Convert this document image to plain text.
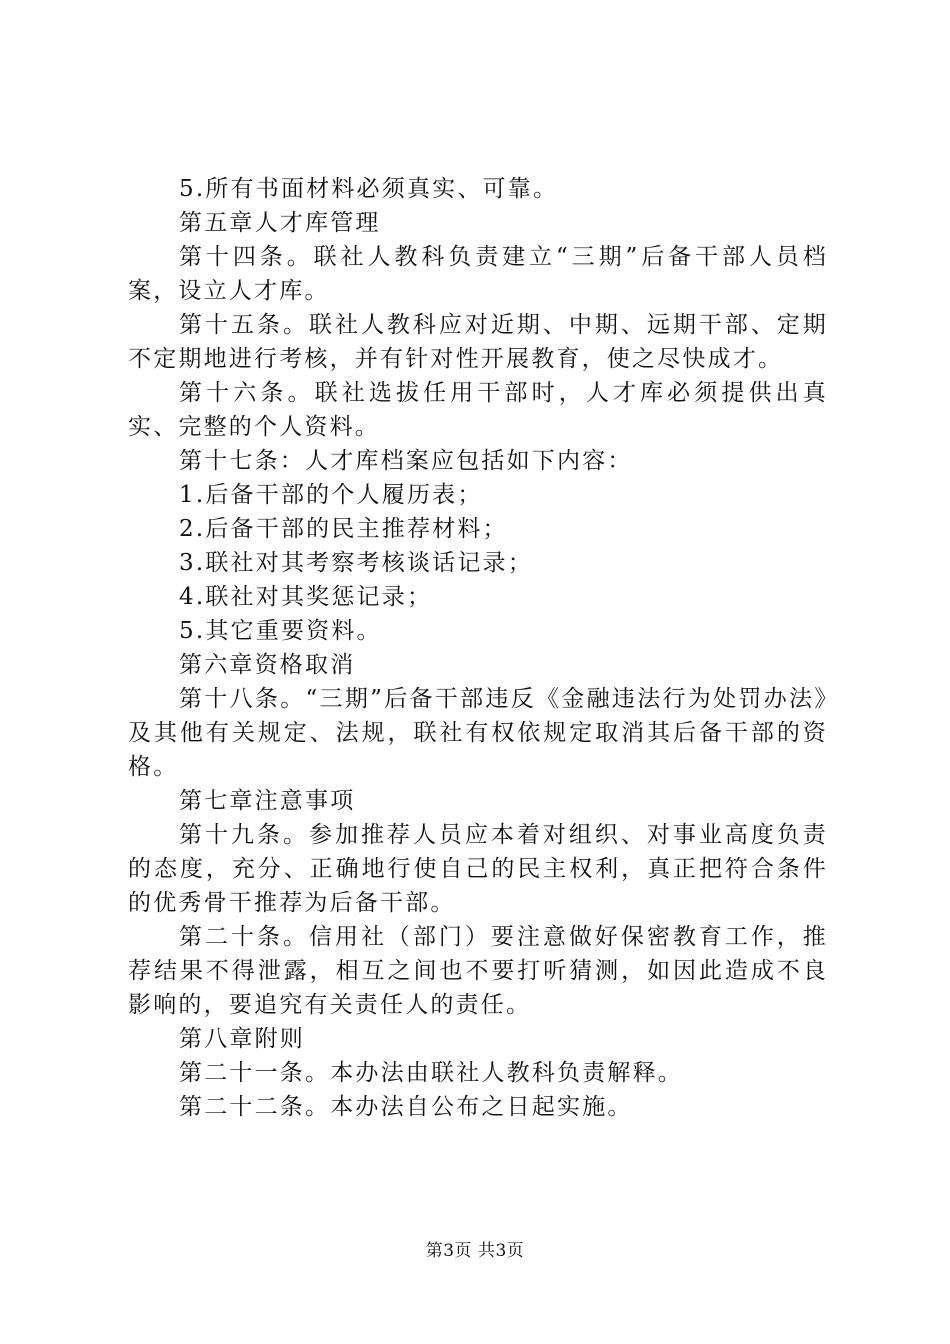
5.所有书面材料必须真实、可靠。

第五章人才库管理

第十四条。联社人教科负责建立“三期”后备干部人员档案，设立人才库。

第十五条。联社人教科应对近期、中期、远期干部、定期不定期地进行考核，并有针对性开展教育，使之尽快成才。

第十六条。联社选拔任用干部时，人才库必须提供出真实、完整的个人资料。

第十七条：人才库档案应包括如下内容：

1.后备干部的个人履历表；

2.后备干部的民主推荐材料；

3.联社对其考察考核谈话记录；

4.联社对其奖惩记录；

5.其它重要资料。

第六章资格取消

第十八条。“三期”后备干部违反《金融违法行为处罚办法》及其他有关规定、法规，联社有权依规定取消其后备干部的资格。

第七章注意事项

第十九条。参加推荐人员应本着对组织、对事业高度负责的态度，充分、正确地行使自己的民主权利，真正把符合条件的优秀骨干推荐为后备干部。

第二十条。信用社（部门）要注意做好保密教育工作，推荐结果不得泄露，相互之间也不要打听猜测，如因此造成不良影响的，要追究有关责任人的责任。

第八章附则

第二十一条。本办法由联社人教科负责解释。

第二十二条。本办法自公布之日起实施。

第3页 共3页
